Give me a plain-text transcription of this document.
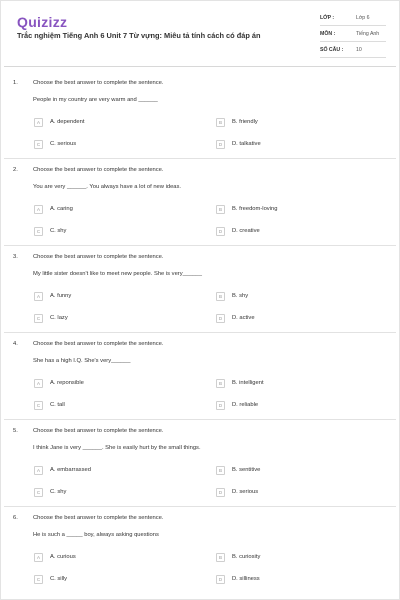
Quizizz
Trắc nghiệm Tiếng Anh 6 Unit 7 Từ vựng: Miêu tả tính cách có đáp án
LỚP :	Lớp 6
MÔN :	Tiếng Anh
SỐ CÂU : 10
1.	Choose the best answer to complete the sentence.
People in my country are very warm and ______
A	A. dependent	B	B. friendly
C	C. serious	D	D. talkative
2.	Choose the best answer to complete the sentence.
You are very ______. You always have a lot of new ideas.
A	A. caring	B	B. freedom-loving
C	C. shy	D	D. creative
3.	Choose the best answer to complete the sentence.
My little sister doesn't like to meet new people. She is very______
A	A. funny	B	B. shy
C	C. lazy	D	D. active
4.	Choose the best answer to complete the sentence.
She has a high I.Q. She's very______
A	A. reponsible	B	B. intelligent
C	C. tall	D	D. reliable
5.	Choose the best answer to complete the sentence.
I think Jane is very ______. She is easily hurt by the small things.
A	A. embarrassed	B	B. sentitive
C	C. shy	D	D. serious
6.	Choose the best answer to complete the sentence.
He is such a _____ boy, always asking questions
A	A. curious	B	B. curiosity
C	C. silly	D	D. silliness
